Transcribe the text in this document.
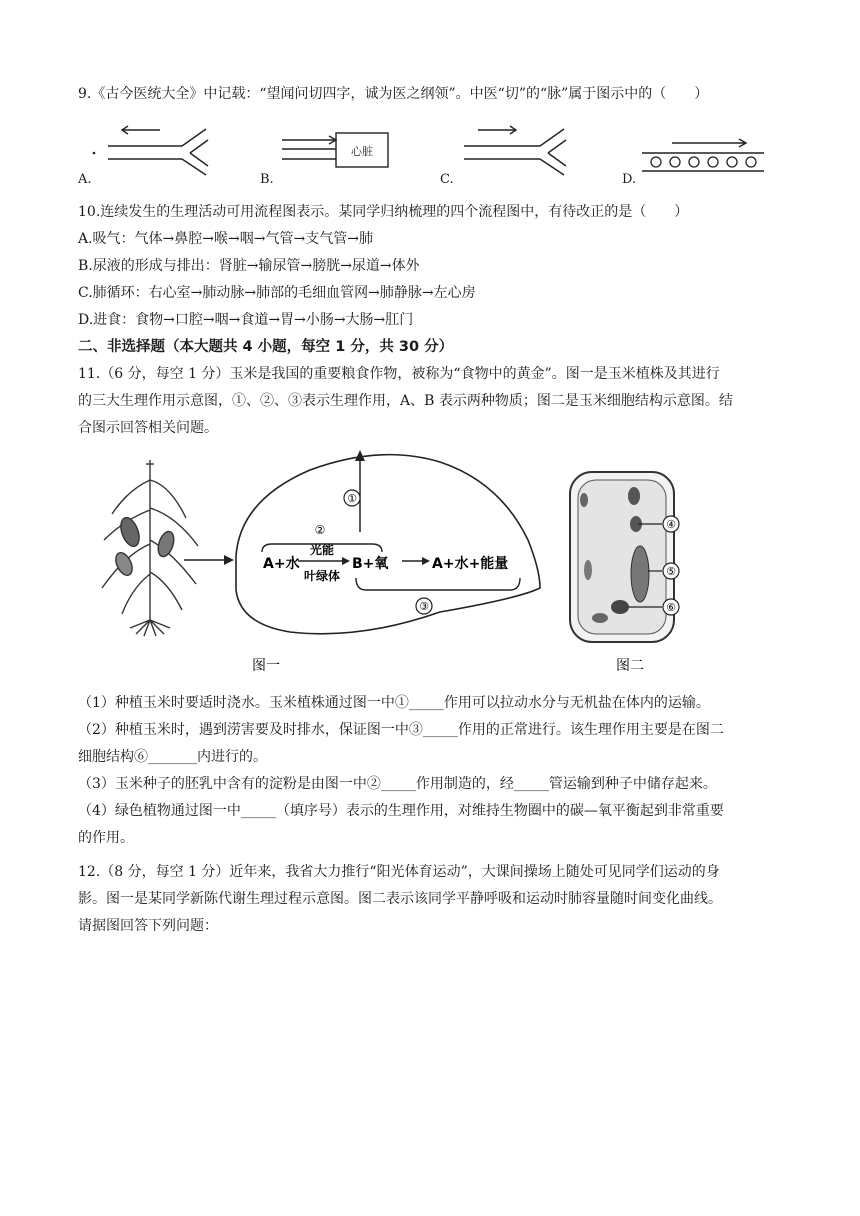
9.《古今医统大全》中记载：“望闻问切四字，诚为医之纲领”。中医“切”的“脉”属于图示中的（　　）
心脏
A.	B.	C.	D.
10.连续发生的生理活动可用流程图表示。某同学归纳梳理的四个流程图中，有待改正的是（　　）
A.吸气：气体→鼻腔→喉→咽→气管→支气管→肺
B.尿液的形成与排出：肾脏→输尿管→膀胱→尿道→体外
C.肺循环：右心室→肺动脉→肺部的毛细血管网→肺静脉→左心房
D.进食：食物→口腔→咽→食道→胃→小肠→大肠→肛门
二、非选择题（本大题共 4 小题，每空 1 分，共 30 分）
11.（6 分，每空 1 分）玉米是我国的重要粮食作物，被称为“食物中的黄金”。图一是玉米植株及其进行
的三大生理作用示意图，①、②、③表示生理作用，A、B 表示两种物质；图二是玉米细胞结构示意图。结
合图示回答相关问题。
①
②
A+水
光能
叶绿体
B+氧	A+水+能量
③
图一
④
⑤
⑥
图二
（1）种植玉米时要适时浇水。玉米植株通过图一中①_____作用可以拉动水分与无机盐在体内的运输。
（2）种植玉米时，遇到涝害要及时排水，保证图一中③_____作用的正常进行。该生理作用主要是在图二
细胞结构⑥_______内进行的。
（3）玉米种子的胚乳中含有的淀粉是由图一中②_____作用制造的，经_____管运输到种子中储存起来。
（4）绿色植物通过图一中_____（填序号）表示的生理作用，对维持生物圈中的碳—氧平衡起到非常重要
的作用。
12.（8 分，每空 1 分）近年来，我省大力推行“阳光体育运动”，大课间操场上随处可见同学们运动的身
影。图一是某同学新陈代谢生理过程示意图。图二表示该同学平静呼吸和运动时肺容量随时间变化曲线。
请据图回答下列问题：
